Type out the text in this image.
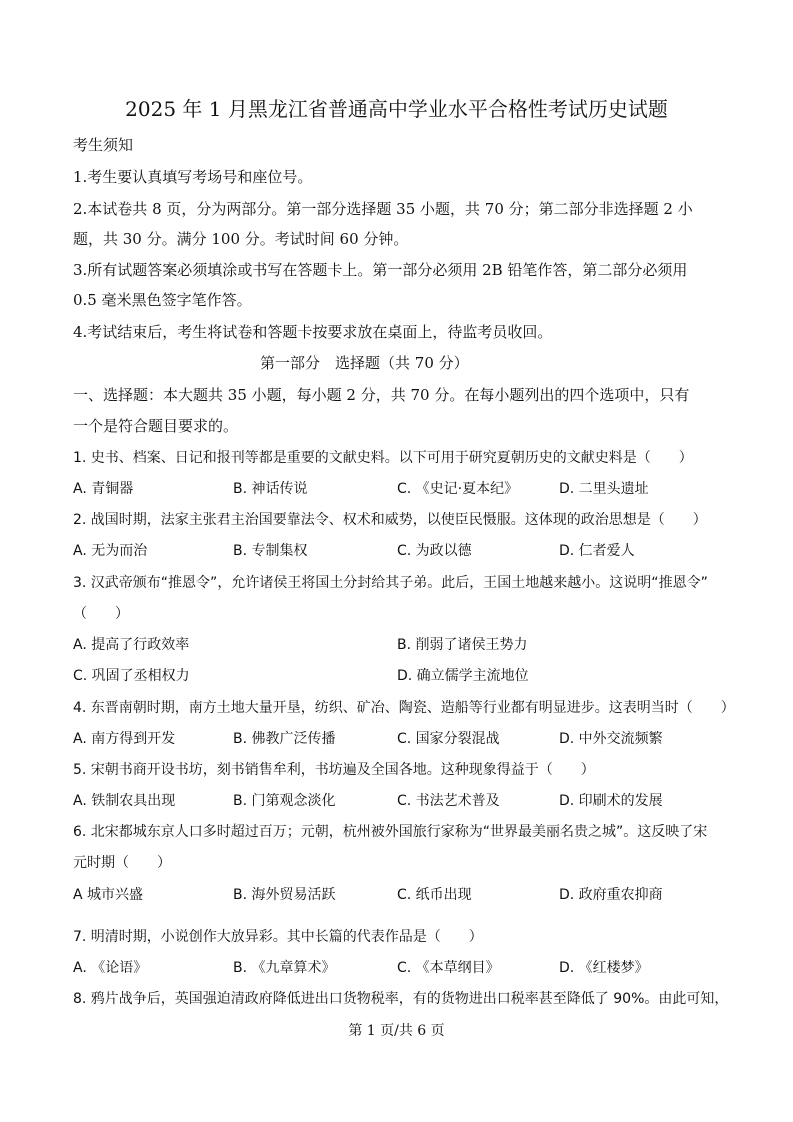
2025 年 1 月黑龙江省普通高中学业水平合格性考试历史试题
考生须知
1.考生要认真填写考场号和座位号。
2.本试卷共 8 页，分为两部分。第一部分选择题 35 小题，共 70 分；第二部分非选择题 2 小
题，共 30 分。满分 100 分。考试时间 60 分钟。
3.所有试题答案必须填涂或书写在答题卡上。第一部分必须用 2B 铅笔作答，第二部分必须用
0.5 毫米黑色签字笔作答。
4.考试结束后，考生将试卷和答题卡按要求放在桌面上，待监考员收回。
第一部分　选择题（共 70 分）
一、选择题：本大题共 35 小题，每小题 2 分，共 70 分。在每小题列出的四个选项中，只有
一个是符合题目要求的。
1. 史书、档案、日记和报刊等都是重要的文献史料。以下可用于研究夏朝历史的文献史料是（　　）
A. 青铜器	B. 神话传说	C. 《史记·夏本纪》	D. 二里头遗址
2. 战国时期，法家主张君主治国要靠法令、权术和威势，以使臣民慑服。这体现的政治思想是（　　）
A. 无为而治	B. 专制集权	C. 为政以德	D. 仁者爱人
3. 汉武帝颁布“推恩令”，允许诸侯王将国土分封给其子弟。此后，王国土地越来越小。这说明“推恩令”
（　　）
A. 提高了行政效率	B. 削弱了诸侯王势力
C. 巩固了丞相权力	D. 确立儒学主流地位
4. 东晋南朝时期，南方土地大量开垦，纺织、矿冶、陶瓷、造船等行业都有明显进步。这表明当时（　　）
A. 南方得到开发	B. 佛教广泛传播	C. 国家分裂混战	D. 中外交流频繁
5. 宋朝书商开设书坊，刻书销售牟利，书坊遍及全国各地。这种现象得益于（　　）
A. 铁制农具出现	B. 门第观念淡化	C. 书法艺术普及	D. 印刷术的发展
6. 北宋都城东京人口多时超过百万；元朝，杭州被外国旅行家称为“世界最美丽名贵之城”。这反映了宋
元时期（　　）
A 城市兴盛	B. 海外贸易活跃	C. 纸币出现	D. 政府重农抑商
7. 明清时期，小说创作大放异彩。其中长篇的代表作品是（　　）
A. 《论语》	B. 《九章算术》	C. 《本草纲目》	D. 《红楼梦》
8. 鸦片战争后，英国强迫清政府降低进出口货物税率，有的货物进出口税率甚至降低了 90%。由此可知，
第 1 页/共 6 页
